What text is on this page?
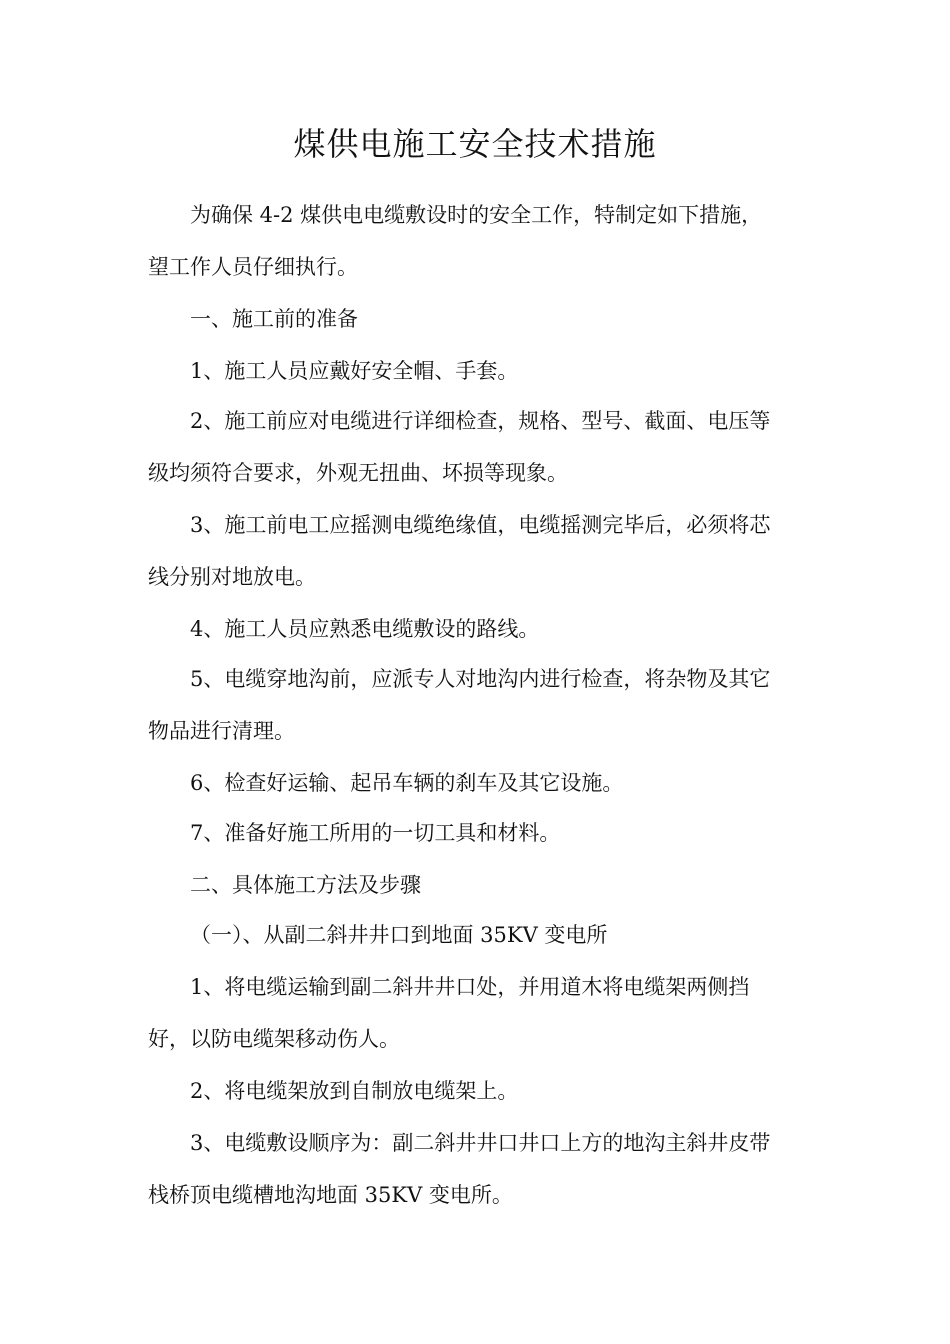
煤供电施工安全技术措施

为确保 4-2 煤供电电缆敷设时的安全工作，特制定如下措施，

望工作人员仔细执行。

一、施工前的准备

1、施工人员应戴好安全帽、手套。

2、施工前应对电缆进行详细检查，规格、型号、截面、电压等

级均须符合要求，外观无扭曲、坏损等现象。

3、施工前电工应摇测电缆绝缘值，电缆摇测完毕后，必须将芯

线分别对地放电。

4、施工人员应熟悉电缆敷设的路线。

5、电缆穿地沟前，应派专人对地沟内进行检查，将杂物及其它

物品进行清理。

6、检查好运输、起吊车辆的刹车及其它设施。

7、准备好施工所用的一切工具和材料。

二、具体施工方法及步骤

（一）、从副二斜井井口到地面 35KV 变电所

1、将电缆运输到副二斜井井口处，并用道木将电缆架两侧挡

好，以防电缆架移动伤人。

2、将电缆架放到自制放电缆架上。

3、电缆敷设顺序为：副二斜井井口井口上方的地沟主斜井皮带

栈桥顶电缆槽地沟地面 35KV 变电所。
